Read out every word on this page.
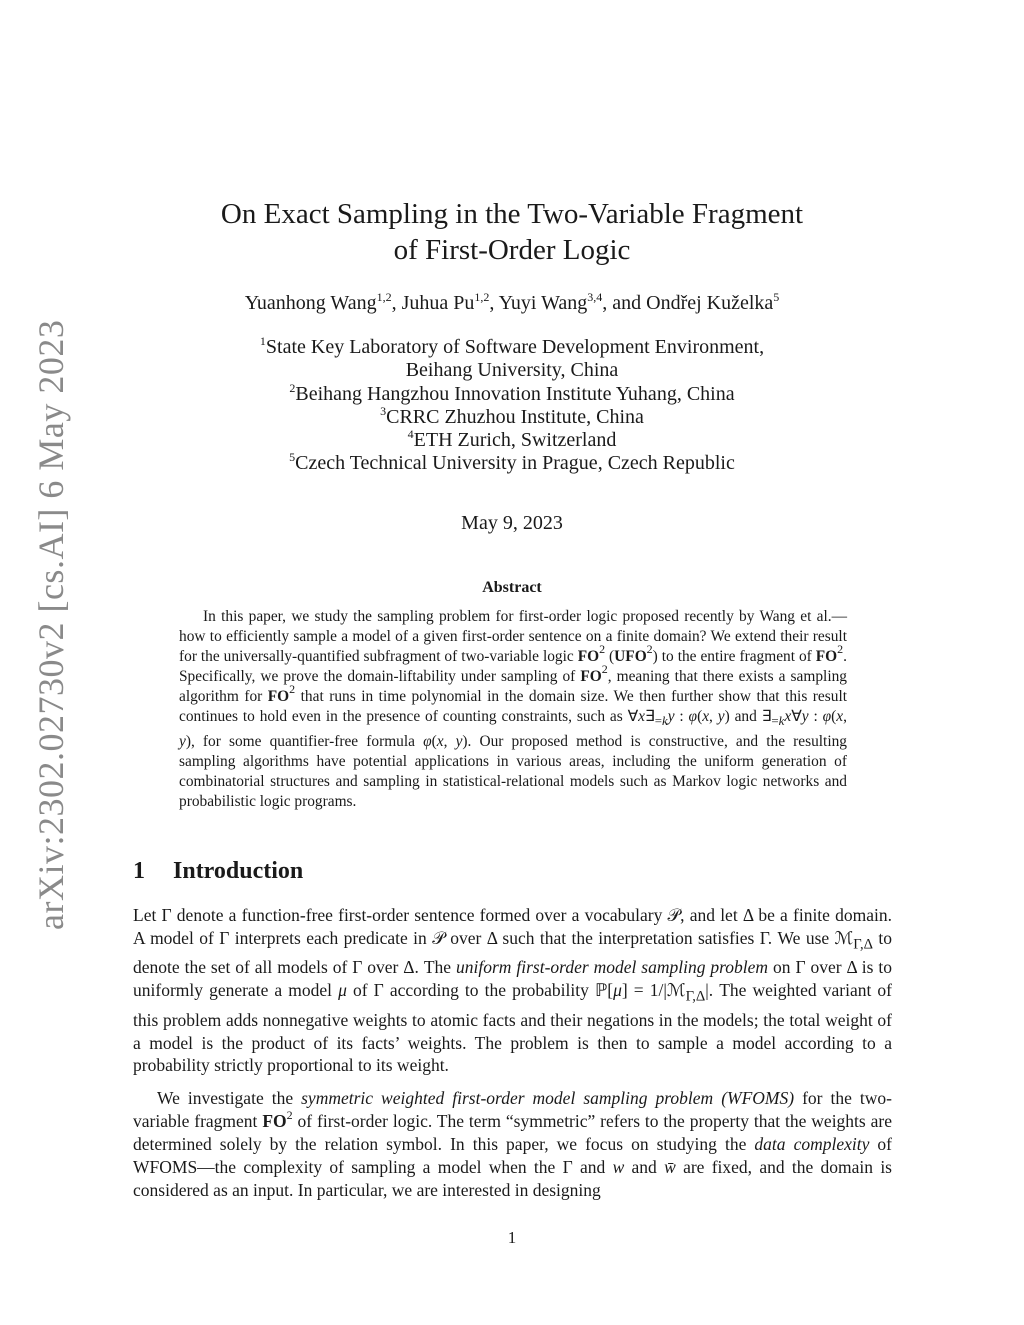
arXiv:2302.02730v2 [cs.AI] 6 May 2023
On Exact Sampling in the Two-Variable Fragment
of First-Order Logic
Yuanhong Wang$^{1,2}$, Juhua Pu$^{1,2}$, Yuyi Wang$^{3,4}$, and Ondřej Kuželka$^5$
$^1$State Key Laboratory of Software Development Environment,
Beihang University, China
$^2$Beihang Hangzhou Innovation Institute Yuhang, China
$^3$CRRC Zhuzhou Institute, China
$^4$ETH Zurich, Switzerland
$^5$Czech Technical University in Prague, Czech Republic
May 9, 2023
Abstract

In this paper, we study the sampling problem for first-order logic proposed recently by Wang et al.—how to efficiently sample a model of a given first-order sentence on a finite domain? We extend their result for the universally-quantified subfragment of two-variable logic $FO^2$ (UFO$^2$) to the entire fragment of $FO^2$. Specifically, we prove the domain-liftability under sampling of $FO^2$, meaning that there exists a sampling algorithm for $FO^2$ that runs in time polynomial in the domain size. We then further show that this result continues to hold even in the presence of counting constraints, such as $\forall x\exists_{=k}y$ : φ(x, y) and $\exists_{=k}x\forall y$ : φ(x, y), for some quantifier-free formula φ(x, y). Our proposed method is constructive, and the resulting sampling algorithms have potential applications in various areas, including the uniform generation of combinatorial structures and sampling in statistical-relational models such as Markov logic networks and probabilistic logic programs.

1 Introduction

Let Γ denote a function-free first-order sentence formed over a vocabulary 𝒫, and let Δ be a finite domain. A model of Γ interprets each predicate in 𝒫 over Δ such that the interpretation satisfies Γ. We use ℳ$_{\Gamma,\Delta}$ to denote the set of all models of Γ over Δ. The uniform first-order model sampling problem on Γ over Δ is to uniformly generate a model μ of Γ according to the probability ℙ[μ] = 1/|ℳ$_{\Gamma,\Delta}$|. The weighted variant of this problem adds nonnegative weights to atomic facts and their negations in the models; the total weight of a model is the product of its facts’ weights. The problem is then to sample a model according to a probability strictly proportional to its weight.

We investigate the symmetric weighted first-order model sampling problem (WFOMS) for the two-variable fragment $FO^2$ of first-order logic. The term “symmetric” refers to the property that the weights are determined solely by the relation symbol. In this paper, we focus on studying the data complexity of WFOMS—the complexity of sampling a model when the Γ and w and w̄ are fixed, and the domain is considered as an input. In particular, we are interested in designing

1
